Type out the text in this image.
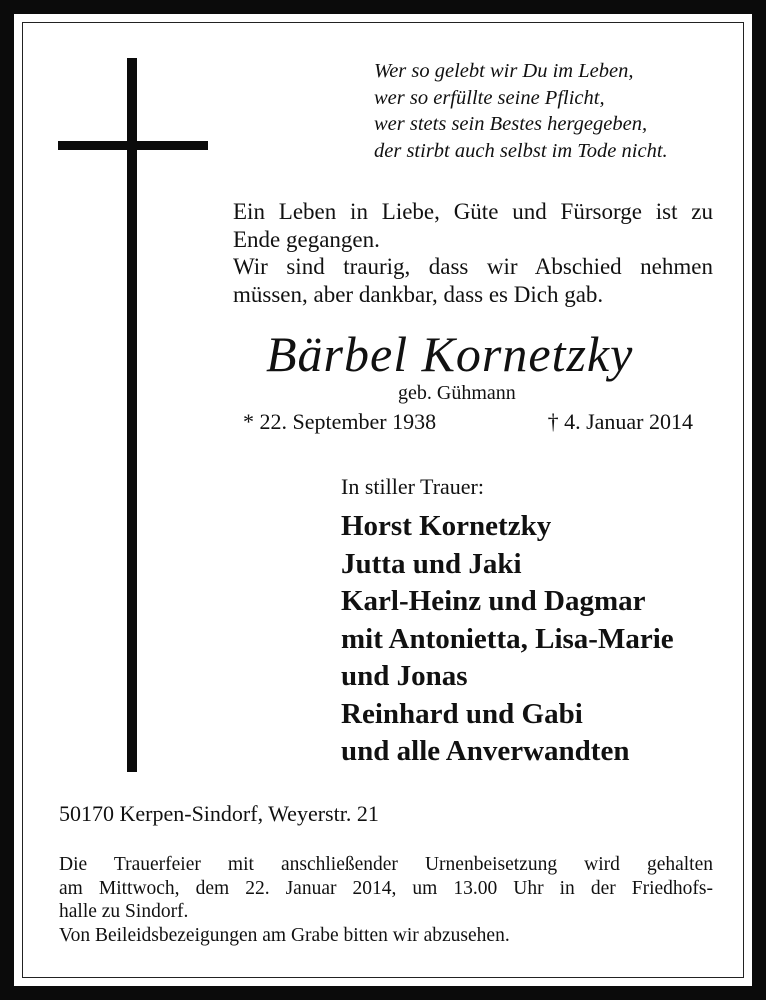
Wer so gelebt wir Du im Leben,
wer so erfüllte seine Pflicht,
wer stets sein Bestes hergegeben,
der stirbt auch selbst im Tode nicht.
Ein Leben in Liebe, Güte und Fürsorge ist zu
Ende gegangen.
Wir sind traurig, dass wir Abschied nehmen
müssen, aber dankbar, dass es Dich gab.
Bärbel Kornetzky
geb. Gühmann
* 22. September 1938	† 4. Januar 2014
In stiller Trauer:
Horst Kornetzky
Jutta und Jaki
Karl-Heinz und Dagmar
mit Antonietta, Lisa-Marie
und Jonas
Reinhard und Gabi
und alle Anverwandten
50170 Kerpen-Sindorf, Weyerstr. 21
Die Trauerfeier mit anschließender Urnenbeisetzung wird gehalten
am Mittwoch, dem 22. Januar 2014, um 13.00 Uhr in der Friedhofs-
halle zu Sindorf.
Von Beileidsbezeigungen am Grabe bitten wir abzusehen.
